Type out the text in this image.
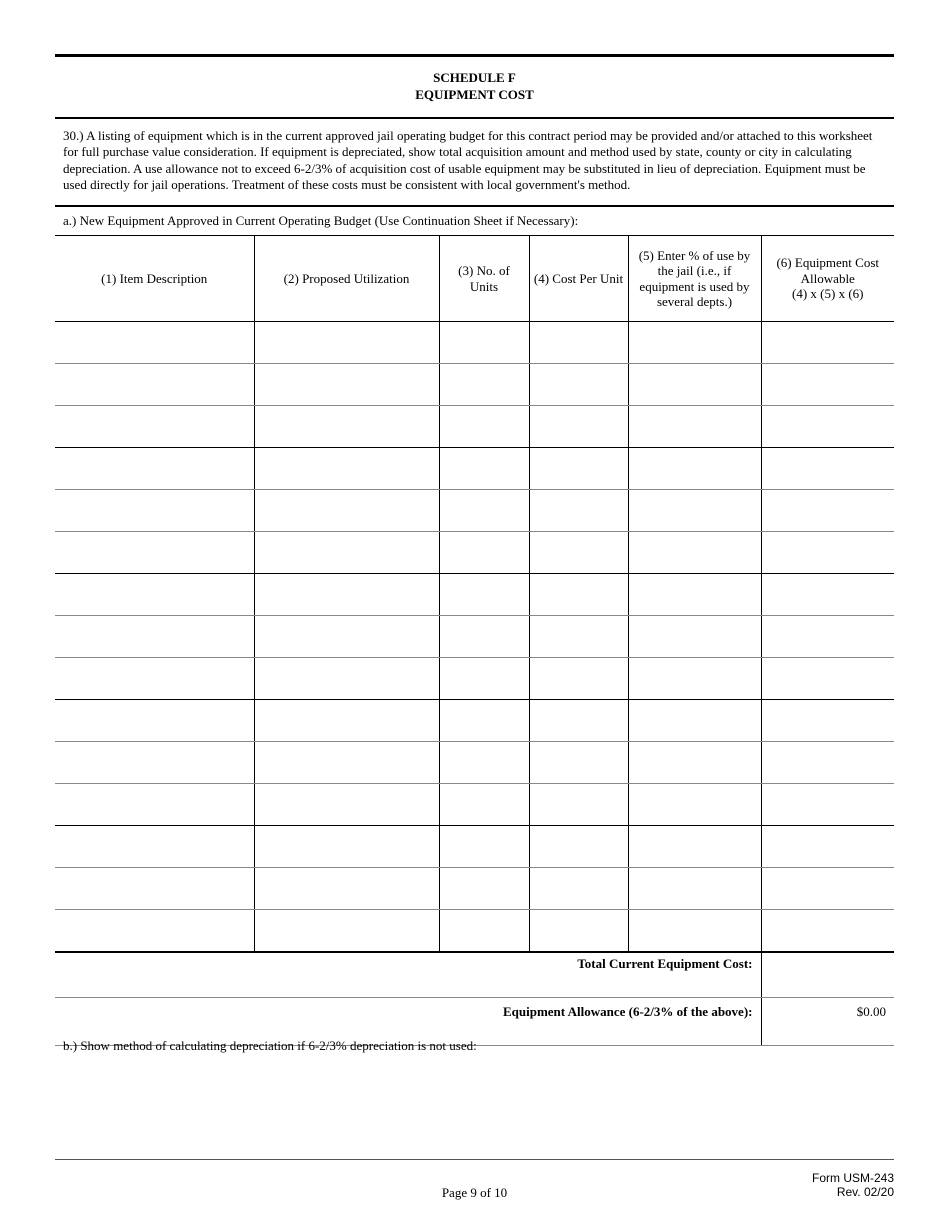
SCHEDULE F
EQUIPMENT COST
30.) A listing of equipment which is in the current approved jail operating budget for this contract period may be provided and/or attached to this worksheet for full purchase value consideration. If equipment is depreciated, show total acquisition amount and method used by state, county or city in calculating depreciation. A use allowance not to exceed 6-2/3% of acquisition cost of usable equipment may be substituted in lieu of depreciation. Equipment must be used directly for jail operations. Treatment of these costs must be consistent with local government's method.
a.) New Equipment Approved in Current Operating Budget (Use Continuation Sheet if Necessary):
(1) Item Description	(2) Proposed Utilization	(3) No. of Units	(4) Cost Per Unit	(5) Enter % of use by the jail (i.e., if equipment is used by several depts.)	(6) Equipment Cost Allowable
(4) x (5) x (6)

Total Current Equipment Cost:	
Equipment Allowance (6-2/3% of the above):	$0.00
b.) Show method of calculating depreciation if 6-2/3% depreciation is not used:
Page 9 of 10
Form USM-243
Rev. 02/20
